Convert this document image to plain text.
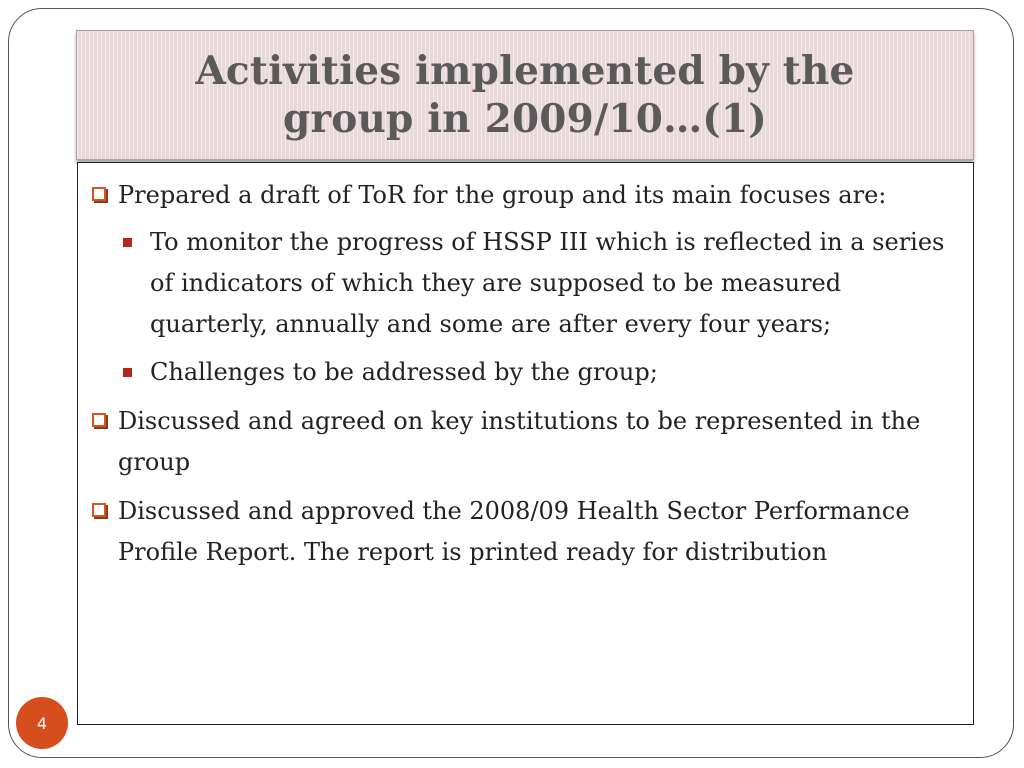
Activities implemented by the
group in 2009/10…(1)
Prepared a draft of ToR for the group and its main focuses are:
To monitor the progress of HSSP III which is reflected in a series of indicators of which they are supposed to be measured quarterly, annually and some are after every four years;
Challenges to be addressed by the group;
Discussed and agreed on key institutions to be represented in the group
Discussed and approved the 2008/09 Health Sector Performance Profile Report. The report is printed ready for distribution
4
